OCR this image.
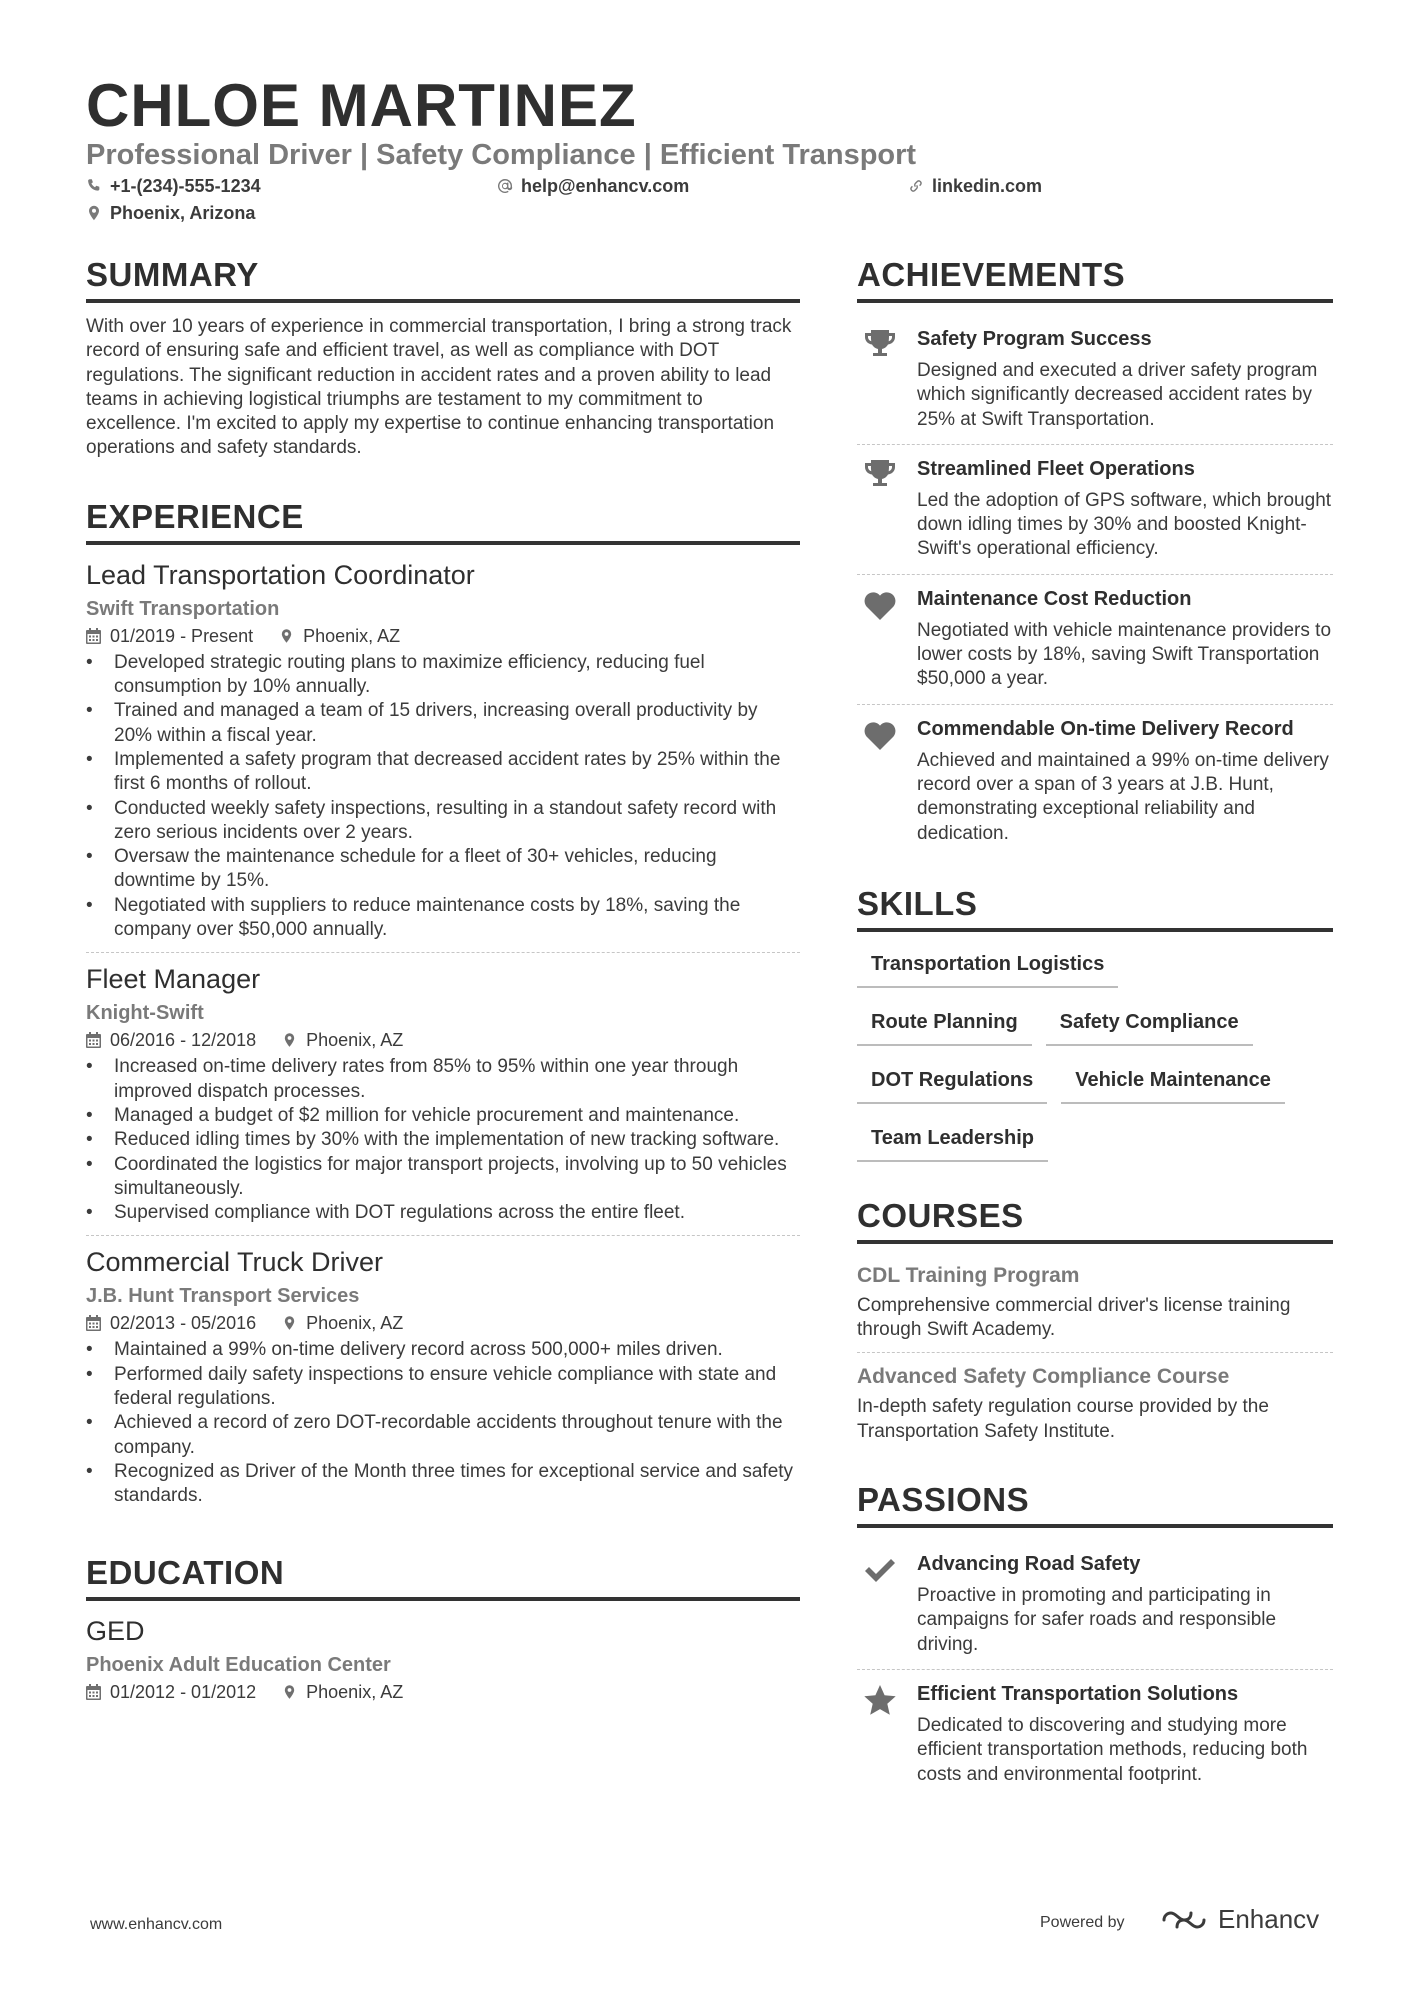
CHLOE MARTINEZ
Professional Driver | Safety Compliance | Efficient Transport
+1-(234)-555-1234	help@enhancv.com	linkedin.com
Phoenix, Arizona
SUMMARY

With over 10 years of experience in commercial transportation, I bring a strong track record of ensuring safe and efficient travel, as well as compliance with DOT regulations. The significant reduction in accident rates and a proven ability to lead teams in achieving logistical triumphs are testament to my commitment to excellence. I'm excited to apply my expertise to continue enhancing transportation operations and safety standards.

EXPERIENCE
Lead Transportation Coordinator
Swift Transportation
01/2019 - Present	Phoenix, AZ
• Developed strategic routing plans to maximize efficiency, reducing fuel consumption by 10% annually.
• Trained and managed a team of 15 drivers, increasing overall productivity by 20% within a fiscal year.
• Implemented a safety program that decreased accident rates by 25% within the first 6 months of rollout.
• Conducted weekly safety inspections, resulting in a standout safety record with zero serious incidents over 2 years.
• Oversaw the maintenance schedule for a fleet of 30+ vehicles, reducing downtime by 15%.
• Negotiated with suppliers to reduce maintenance costs by 18%, saving the company over $50,000 annually.
Fleet Manager
Knight-Swift
06/2016 - 12/2018	Phoenix, AZ
• Increased on-time delivery rates from 85% to 95% within one year through improved dispatch processes.
• Managed a budget of $2 million for vehicle procurement and maintenance.
• Reduced idling times by 30% with the implementation of new tracking software.
• Coordinated the logistics for major transport projects, involving up to 50 vehicles simultaneously.
• Supervised compliance with DOT regulations across the entire fleet.
Commercial Truck Driver
J.B. Hunt Transport Services
02/2013 - 05/2016	Phoenix, AZ
• Maintained a 99% on-time delivery record across 500,000+ miles driven.
• Performed daily safety inspections to ensure vehicle compliance with state and federal regulations.
• Achieved a record of zero DOT-recordable accidents throughout tenure with the company.
• Recognized as Driver of the Month three times for exceptional service and safety standards.
EDUCATION
GED
Phoenix Adult Education Center
01/2012 - 01/2012	Phoenix, AZ
ACHIEVEMENTS
Safety Program Success
Designed and executed a driver safety program which significantly decreased accident rates by 25% at Swift Transportation.
Streamlined Fleet Operations
Led the adoption of GPS software, which brought down idling times by 30% and boosted Knight-Swift's operational efficiency.
Maintenance Cost Reduction
Negotiated with vehicle maintenance providers to lower costs by 18%, saving Swift Transportation $50,000 a year.
Commendable On-time Delivery Record
Achieved and maintained a 99% on-time delivery record over a span of 3 years at J.B. Hunt, demonstrating exceptional reliability and dedication.
SKILLS
Transportation Logistics
Route Planning	Safety Compliance
DOT Regulations	Vehicle Maintenance
Team Leadership
COURSES
CDL Training Program
Comprehensive commercial driver's license training through Swift Academy.
Advanced Safety Compliance Course
In-depth safety regulation course provided by the Transportation Safety Institute.
PASSIONS
Advancing Road Safety
Proactive in promoting and participating in campaigns for safer roads and responsible driving.
Efficient Transportation Solutions
Dedicated to discovering and studying more efficient transportation methods, reducing both costs and environmental footprint.
www.enhancv.com	Powered by	Enhancv
